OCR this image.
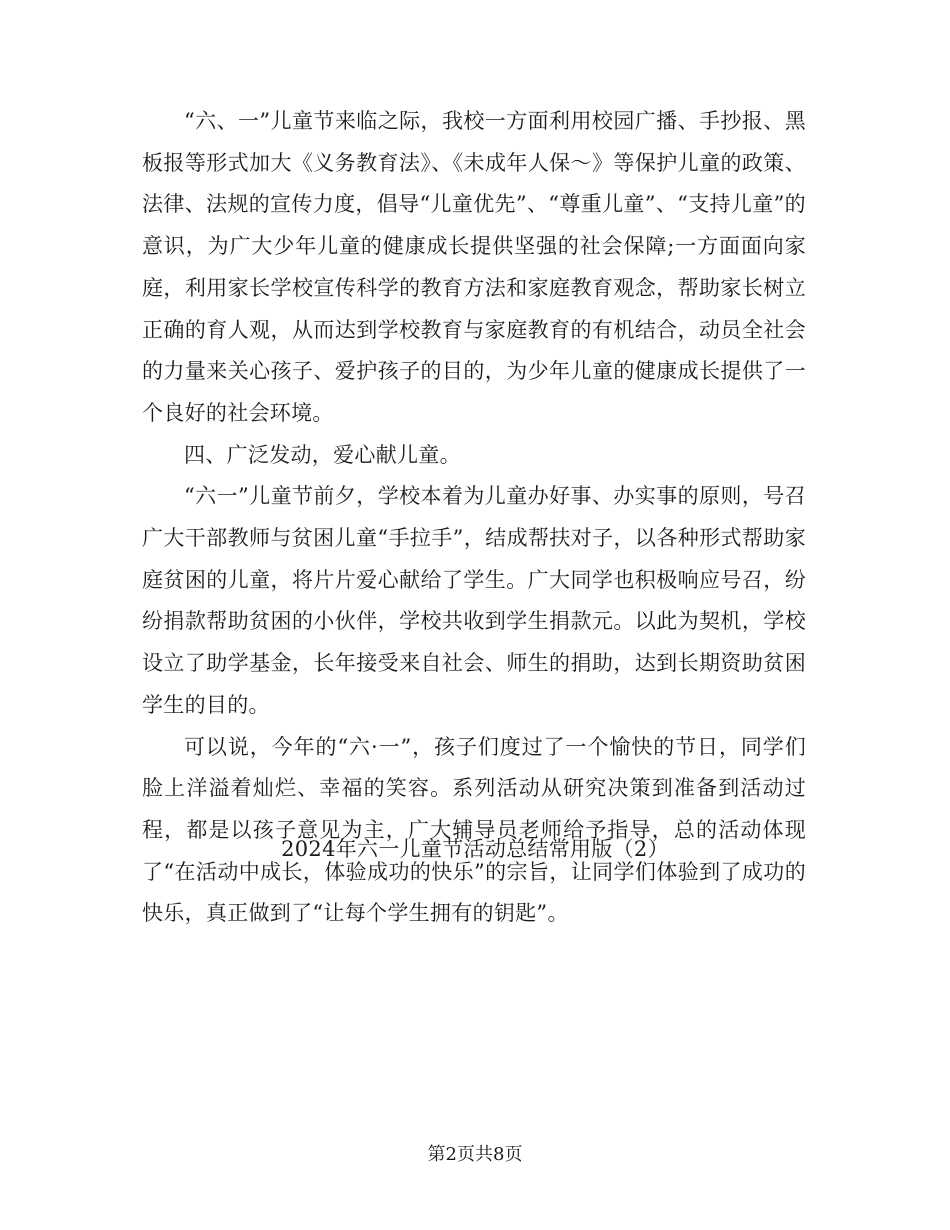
“六、一”儿童节来临之际，我校一方面利用校园广播、手抄报、黑板报等形式加大《义务教育法》、《未成年人保～》等保护儿童的政策、法律、法规的宣传力度，倡导“儿童优先”、“尊重儿童”、“支持儿童”的意识，为广大少年儿童的健康成长提供坚强的社会保障;一方面面向家庭，利用家长学校宣传科学的教育方法和家庭教育观念，帮助家长树立正确的育人观，从而达到学校教育与家庭教育的有机结合，动员全社会的力量来关心孩子、爱护孩子的目的，为少年儿童的健康成长提供了一个良好的社会环境。

四、广泛发动，爱心献儿童。

“六一”儿童节前夕，学校本着为儿童办好事、办实事的原则，号召广大干部教师与贫困儿童“手拉手”，结成帮扶对子，以各种形式帮助家庭贫困的儿童，将片片爱心献给了学生。广大同学也积极响应号召，纷纷捐款帮助贫困的小伙伴，学校共收到学生捐款元。以此为契机，学校设立了助学基金，长年接受来自社会、师生的捐助，达到长期资助贫困学生的目的。

可以说，今年的“六·一”，孩子们度过了一个愉快的节日，同学们脸上洋溢着灿烂、幸福的笑容。系列活动从研究决策到准备到活动过程，都是以孩子意见为主，广大辅导员老师给予指导，总的活动体现了“在活动中成长，体验成功的快乐”的宗旨，让同学们体验到了成功的快乐，真正做到了“让每个学生拥有的钥匙”。

2024年六一儿童节活动总结常用版（2）
第2页共8页
